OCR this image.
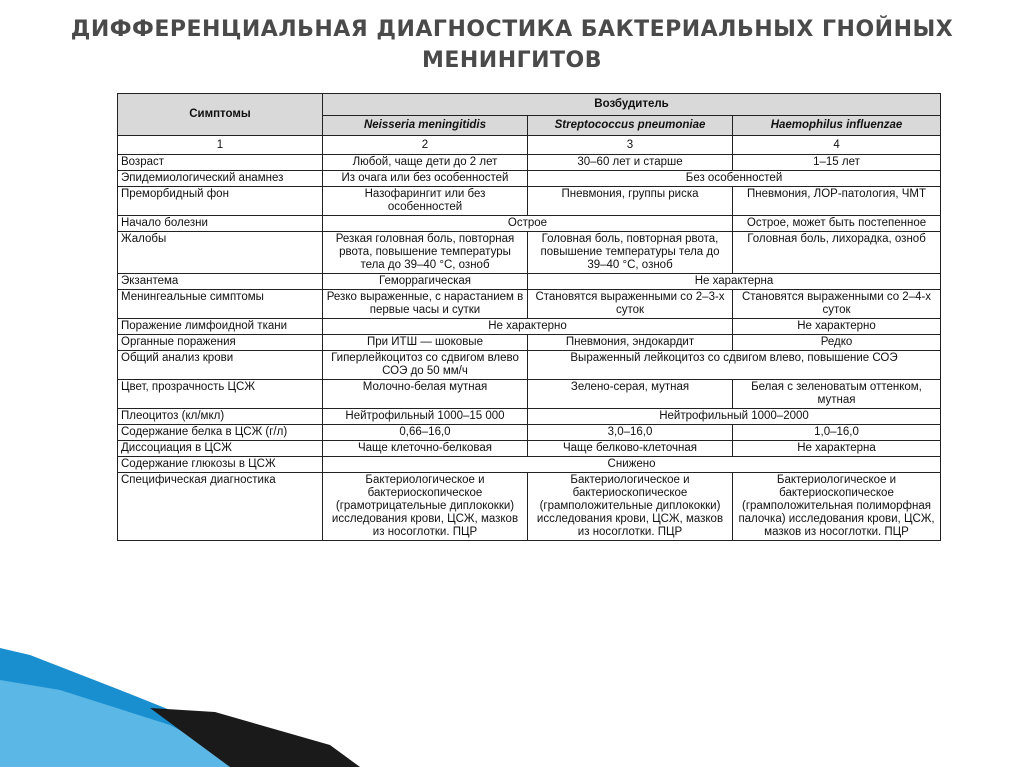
ДИФФЕРЕНЦИАЛЬНАЯ ДИАГНОСТИКА БАКТЕРИАЛЬНЫХ ГНОЙНЫХ
МЕНИНГИТОВ
Симптомы	Возбудитель		
	Neisseria meningitidis	Streptococcus pneumoniae	Haemophilus influenzae
1	2	3	4
Возраст	Любой, чаще дети до 2 лет	30–60 лет и старше	1–15 лет
Эпидемиологический анамнез	Из очага или без особенностей	Без особенностей	
Преморбидный фон	Назофарингит или без особенностей	Пневмония, группы риска	Пневмония, ЛОР-патология, ЧМТ
Начало болезни	Острое		Острое, может быть постепенное
Жалобы	Резкая головная боль, повторная рвота, повышение температуры тела до 39–40 °С, озноб	Головная боль, повторная рвота, повышение температуры тела до 39–40 °С, озноб	Головная боль, лихорадка, озноб
Экзантема	Геморрагическая	Не характерна	
Менингеальные симптомы	Резко выраженные, с нарастанием в первые часы и сутки	Становятся выраженными со 2–3-х суток	Становятся выраженными со 2–4-х суток
Поражение лимфоидной ткани	Не характерно		Не характерно
Органные поражения	При ИТШ — шоковые	Пневмония, эндокардит	Редко
Общий анализ крови	Гиперлейкоцитоз со сдвигом влево СОЭ до 50 мм/ч	Выраженный лейкоцитоз со сдвигом влево, повышение СОЭ	
Цвет, прозрачность ЦСЖ	Молочно-белая мутная	Зелено-серая, мутная	Белая с зеленоватым оттенком, мутная
Плеоцитоз (кл/мкл)	Нейтрофильный 1000–15 000	Нейтрофильный 1000–2000	
Содержание белка в ЦСЖ (г/л)	0,66–16,0	3,0–16,0	1,0–16,0
Диссоциация в ЦСЖ	Чаще клеточно-белковая	Чаще белково-клеточная	Не характерна
Содержание глюкозы в ЦСЖ	Снижено		
Специфическая диагностика	Бактериологическое и бактериоскопическое (грамотрицательные диплококки) исследования крови, ЦСЖ, мазков из носоглотки. ПЦР	Бактериологическое и бактериоскопическое (грамположительные диплококки) исследования крови, ЦСЖ, мазков из носоглотки. ПЦР	Бактериологическое и бактериоскопическое (грамположительная полиморфная палочка) исследования крови, ЦСЖ, мазков из носоглотки. ПЦР
